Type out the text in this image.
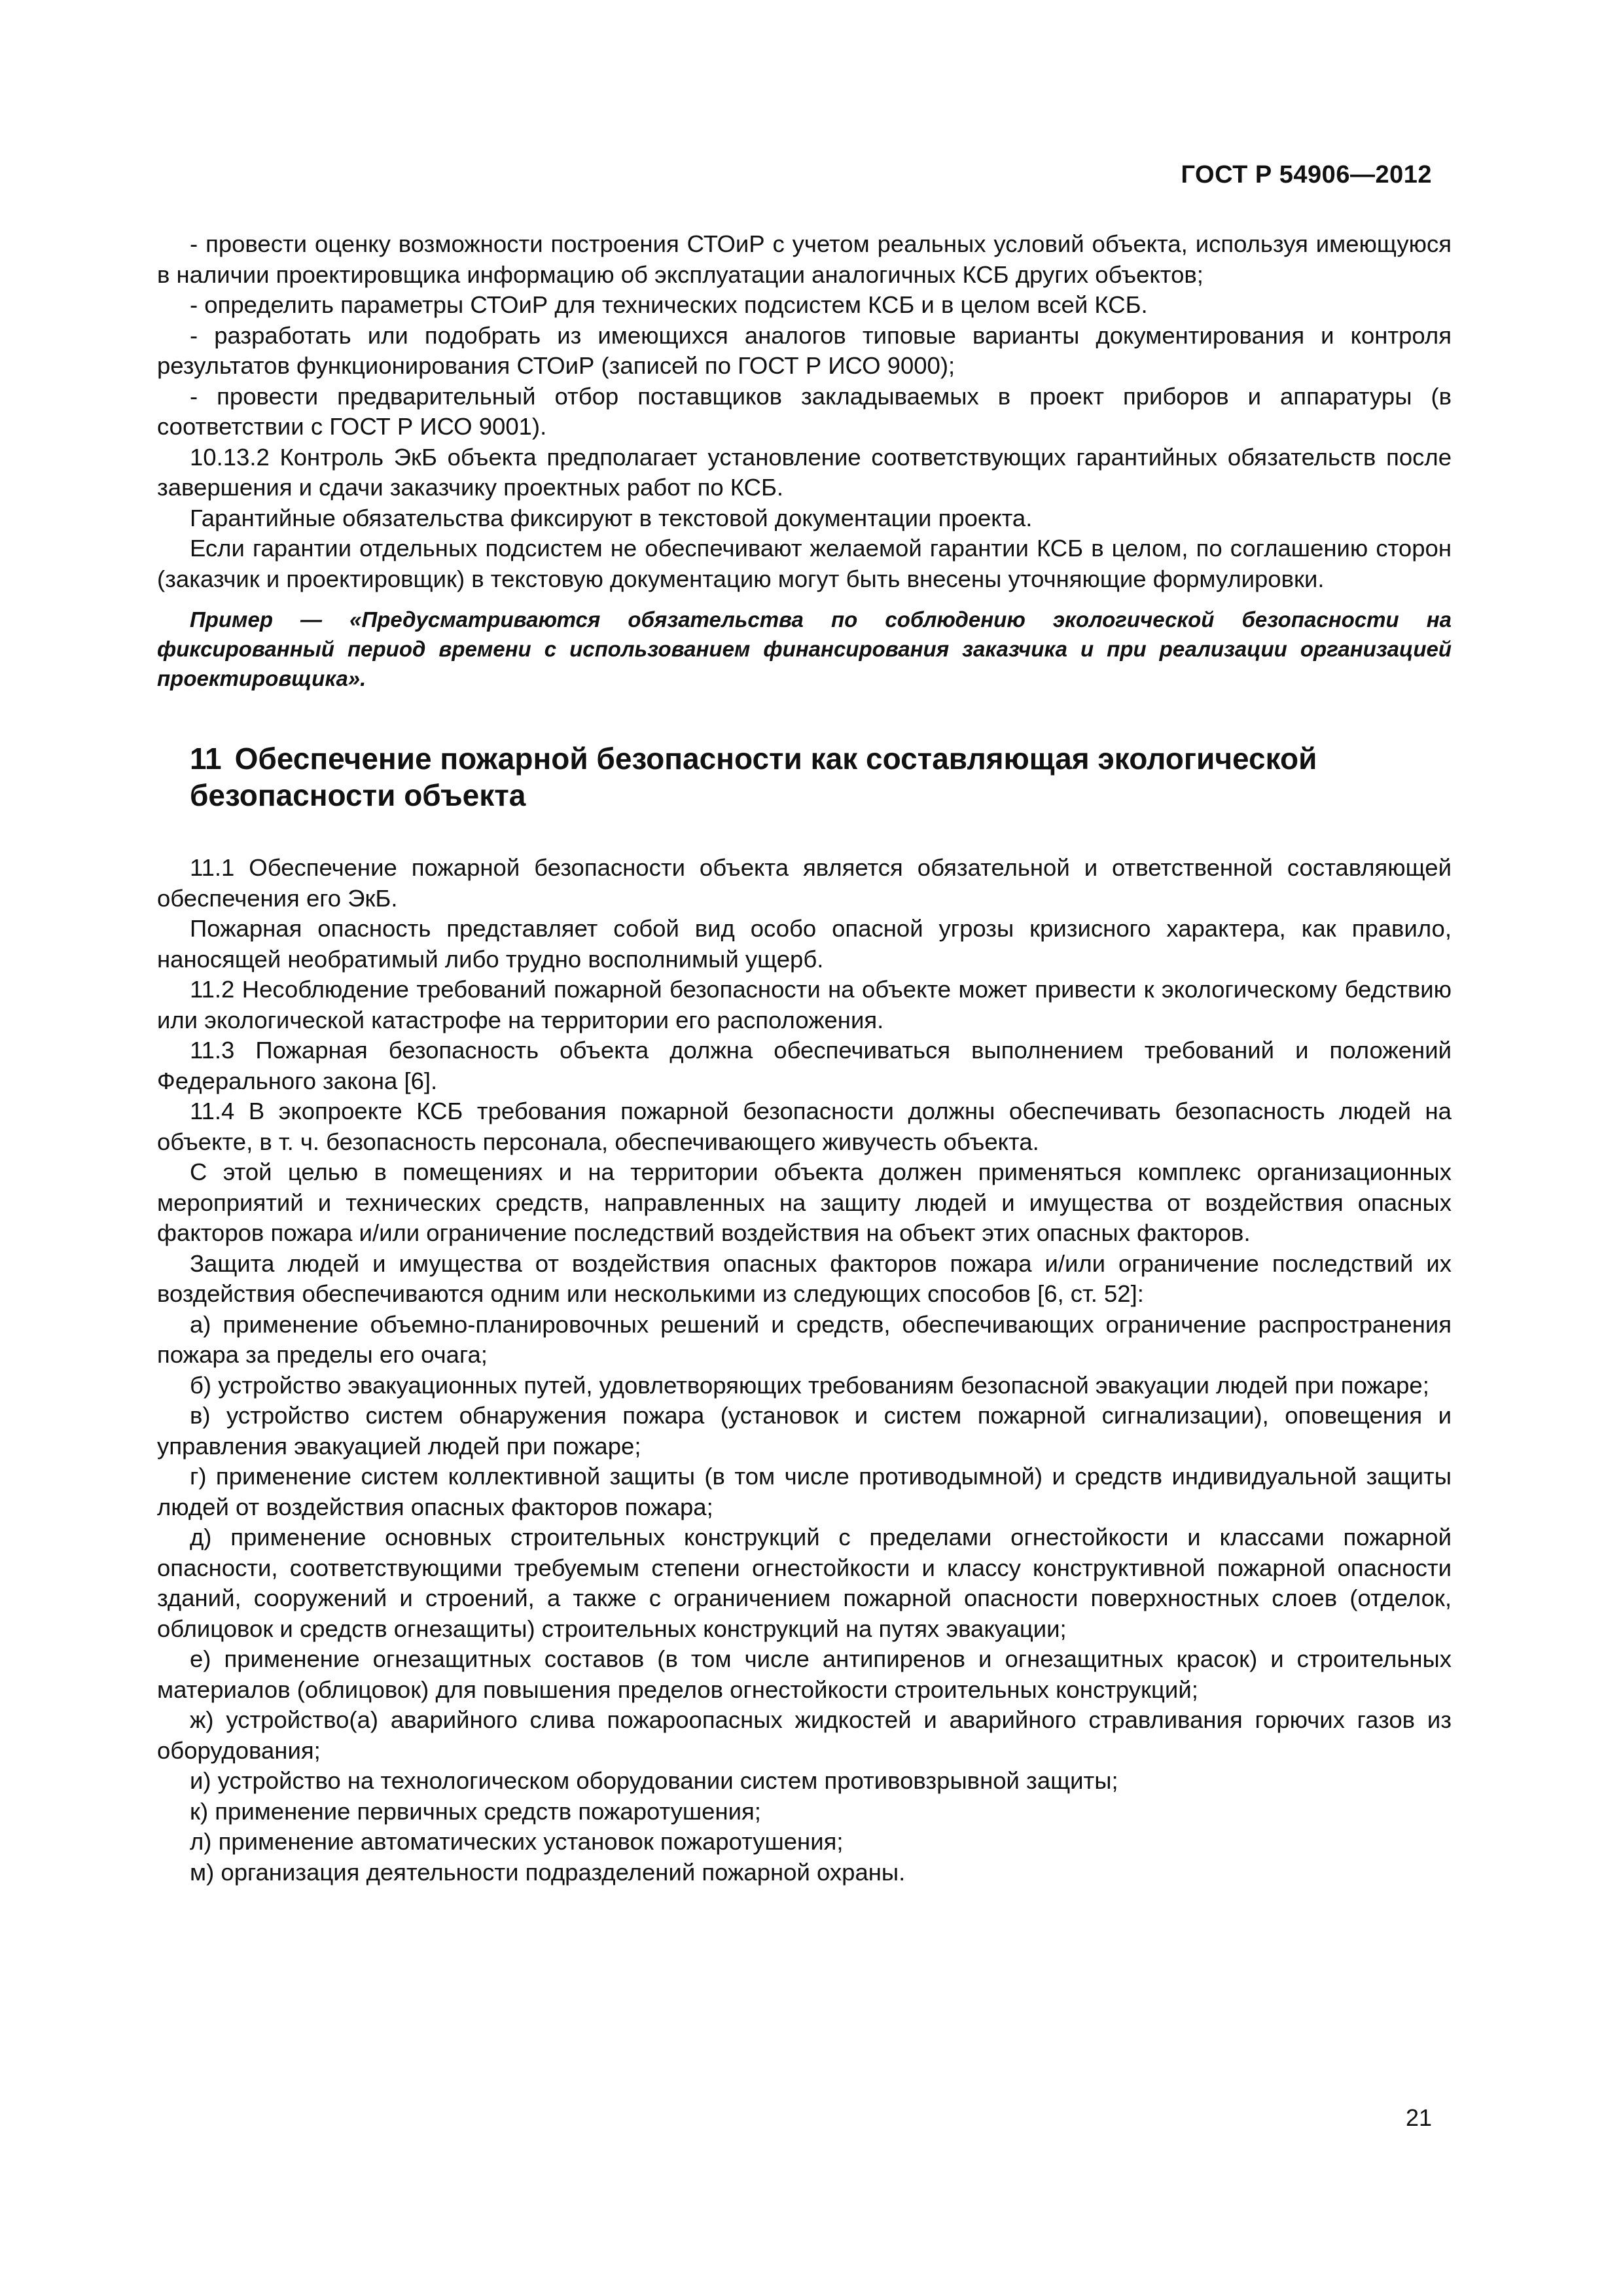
ГОСТ Р 54906—2012

- провести оценку возможности построения СТОиР с учетом реальных условий объекта, используя имеющуюся в наличии проектировщика информацию об эксплуатации аналогичных КСБ других объектов;

- определить параметры СТОиР для технических подсистем КСБ и в целом всей КСБ.

- разработать или подобрать из имеющихся аналогов типовые варианты документирования и контроля результатов функционирования СТОиР (записей по ГОСТ Р ИСО 9000);

- провести предварительный отбор поставщиков закладываемых в проект приборов и аппаратуры (в соответствии с ГОСТ Р ИСО 9001).

10.13.2 Контроль ЭкБ объекта предполагает установление соответствующих гарантийных обязательств после завершения и сдачи заказчику проектных работ по КСБ.

Гарантийные обязательства фиксируют в текстовой документации проекта.

Если гарантии отдельных подсистем не обеспечивают желаемой гарантии КСБ в целом, по соглашению сторон (заказчик и проектировщик) в текстовую документацию могут быть внесены уточняющие формулировки.

Пример — «Предусматриваются обязательства по соблюдению экологической безопасности на фиксированный период времени с использованием финансирования заказчика и при реализации организацией проектировщика».

11 Обеспечение пожарной безопасности как составляющая экологической безопасности объекта

11.1 Обеспечение пожарной безопасности объекта является обязательной и ответственной составляющей обеспечения его ЭкБ.

Пожарная опасность представляет собой вид особо опасной угрозы кризисного характера, как правило, наносящей необратимый либо трудно восполнимый ущерб.

11.2 Несоблюдение требований пожарной безопасности на объекте может привести к экологическому бедствию или экологической катастрофе на территории его расположения.

11.3 Пожарная безопасность объекта должна обеспечиваться выполнением требований и положений Федерального закона [6].

11.4 В экопроекте КСБ требования пожарной безопасности должны обеспечивать безопасность людей на объекте, в т. ч. безопасность персонала, обеспечивающего живучесть объекта.

С этой целью в помещениях и на территории объекта должен применяться комплекс организационных мероприятий и технических средств, направленных на защиту людей и имущества от воздействия опасных факторов пожара и/или ограничение последствий воздействия на объект этих опасных факторов.

Защита людей и имущества от воздействия опасных факторов пожара и/или ограничение последствий их воздействия обеспечиваются одним или несколькими из следующих способов [6, ст. 52]:

а) применение объемно-планировочных решений и средств, обеспечивающих ограничение распространения пожара за пределы его очага;

б) устройство эвакуационных путей, удовлетворяющих требованиям безопасной эвакуации людей при пожаре;

в) устройство систем обнаружения пожара (установок и систем пожарной сигнализации), оповещения и управления эвакуацией людей при пожаре;

г) применение систем коллективной защиты (в том числе противодымной) и средств индивидуальной защиты людей от воздействия опасных факторов пожара;

д) применение основных строительных конструкций с пределами огнестойкости и классами пожарной опасности, соответствующими требуемым степени огнестойкости и классу конструктивной пожарной опасности зданий, сооружений и строений, а также с ограничением пожарной опасности поверхностных слоев (отделок, облицовок и средств огнезащиты) строительных конструкций на путях эвакуации;

е) применение огнезащитных составов (в том числе антипиренов и огнезащитных красок) и строительных материалов (облицовок) для повышения пределов огнестойкости строительных конструкций;

ж) устройство(а) аварийного слива пожароопасных жидкостей и аварийного стравливания горючих газов из оборудования;

и) устройство на технологическом оборудовании систем противовзрывной защиты;

к) применение первичных средств пожаротушения;

л) применение автоматических установок пожаротушения;

м) организация деятельности подразделений пожарной охраны.

21
